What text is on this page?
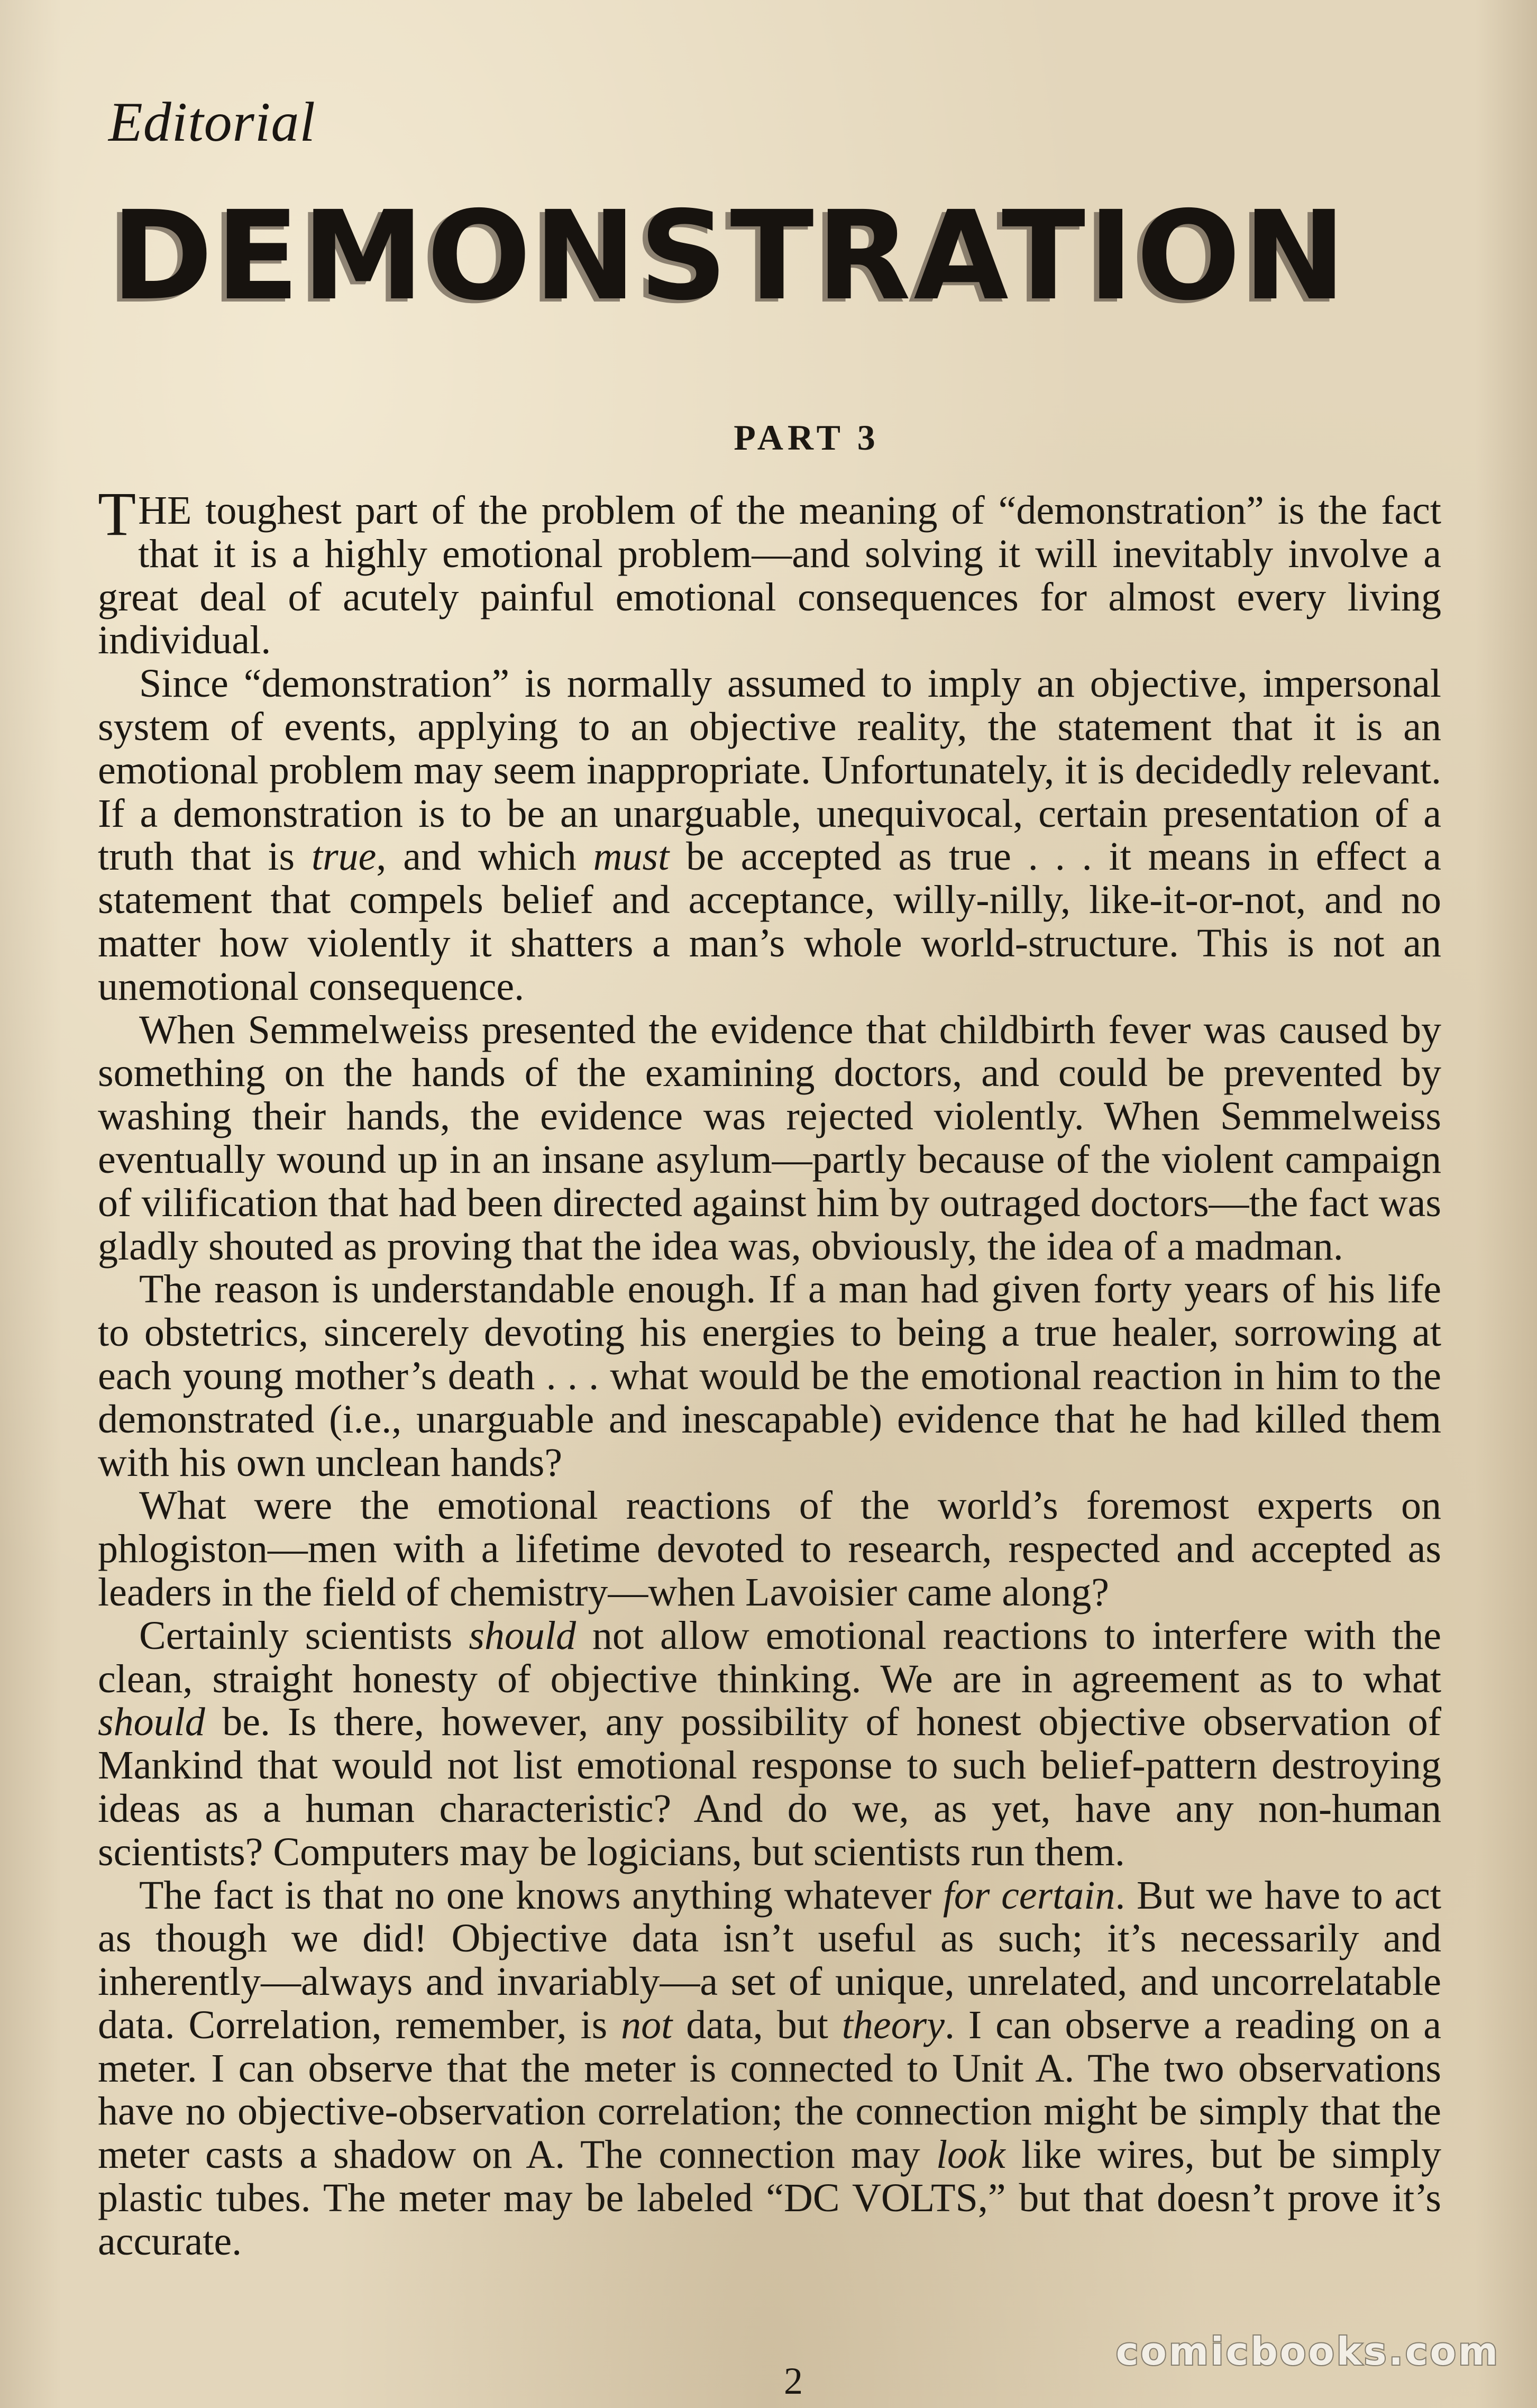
Editorial
DEMONSTRATION
PART 3

THE toughest part of the problem of the meaning of “demonstration” is the fact that it is a highly emotional problem—and solving it will inevitably involve a great deal of acutely painful emotional consequences for almost every living individual.

Since “demonstration” is normally assumed to imply an objective, impersonal system of events, applying to an objective reality, the statement that it is an emotional problem may seem inappropriate. Unfortunately, it is decidedly relevant. If a demonstration is to be an unarguable, unequivocal, certain presentation of a truth that is true, and which must be accepted as true . . . it means in effect a statement that compels belief and acceptance, willy-nilly, like-it-or-not, and no matter how violently it shatters a man’s whole world-structure. This is not an unemotional consequence.

When Semmelweiss presented the evidence that childbirth fever was caused by something on the hands of the examining doctors, and could be prevented by washing their hands, the evidence was rejected violently. When Semmelweiss eventually wound up in an insane asylum—partly because of the violent campaign of vilification that had been directed against him by outraged doctors—the fact was gladly shouted as proving that the idea was, obviously, the idea of a madman.

The reason is understandable enough. If a man had given forty years of his life to obstetrics, sincerely devoting his energies to being a true healer, sorrowing at each young mother’s death . . . what would be the emotional reaction in him to the demonstrated (i.e., unarguable and inescapable) evidence that he had killed them with his own unclean hands?

What were the emotional reactions of the world’s foremost experts on phlogiston—men with a lifetime devoted to research, respected and accepted as leaders in the field of chemistry—when Lavoisier came along?

Certainly scientists should not allow emotional reactions to interfere with the clean, straight honesty of objective thinking. We are in agreement as to what should be. Is there, however, any possibility of honest objective observation of Mankind that would not list emotional response to such belief-pattern destroying ideas as a human characteristic? And do we, as yet, have any non-human scientists? Computers may be logicians, but scientists run them.

The fact is that no one knows anything whatever for certain. But we have to act as though we did! Objective data isn’t useful as such; it’s necessarily and inherently—always and invariably—a set of unique, unrelated, and uncorrelatable data. Correlation, remember, is not data, but theory. I can observe a reading on a meter. I can observe that the meter is connected to Unit A. The two observations have no objective-observation correlation; the connection might be simply that the meter casts a shadow on A. The connection may look like wires, but be simply plastic tubes. The meter may be labeled “DC VOLTS,” but that doesn’t prove it’s accurate.

2
comicbooks.com
